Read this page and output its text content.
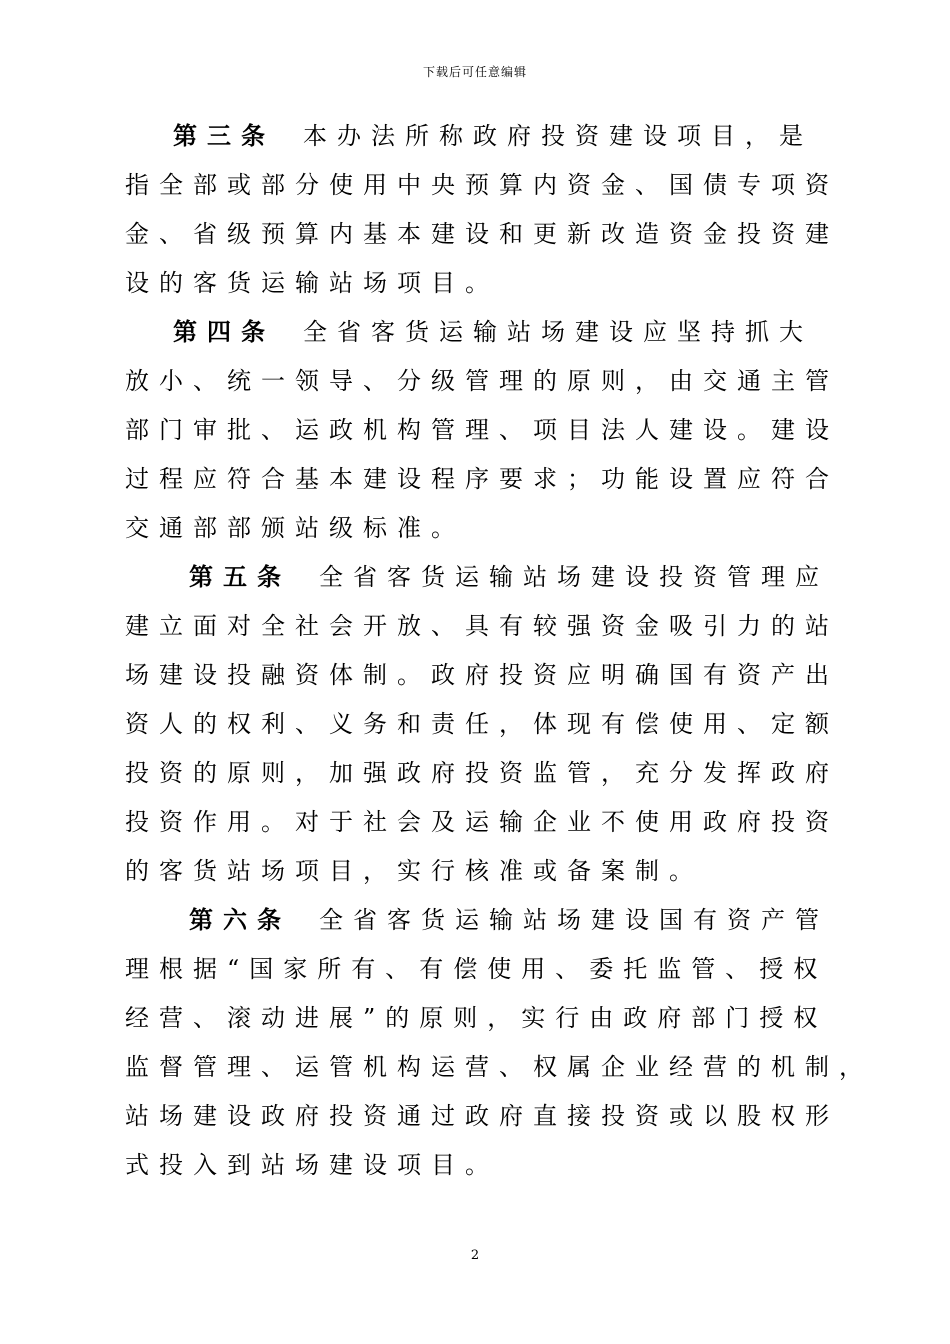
下载后可任意编辑
第三条 本办法所称政府投资建设项目，是
指全部或部分使用中央预算内资金、国债专项资
金、省级预算内基本建设和更新改造资金投资建
设的客货运输站场项目。
第四条 全省客货运输站场建设应坚持抓大
放小、统一领导、分级管理的原则，由交通主管
部门审批、运政机构管理、项目法人建设。建设
过程应符合基本建设程序要求；功能设置应符合
交通部部颁站级标准。
第五条 全省客货运输站场建设投资管理应
建立面对全社会开放、具有较强资金吸引力的站
场建设投融资体制。政府投资应明确国有资产出
资人的权利、义务和责任，体现有偿使用、定额
投资的原则，加强政府投资监管，充分发挥政府
投资作用。对于社会及运输企业不使用政府投资
的客货站场项目，实行核准或备案制。
第六条 全省客货运输站场建设国有资产管
理根据“国家所有、有偿使用、委托监管、授权
经营、滚动进展”的原则，实行由政府部门授权
监督管理、运管机构运营、权属企业经营的机制，
站场建设政府投资通过政府直接投资或以股权形
式投入到站场建设项目。
2
